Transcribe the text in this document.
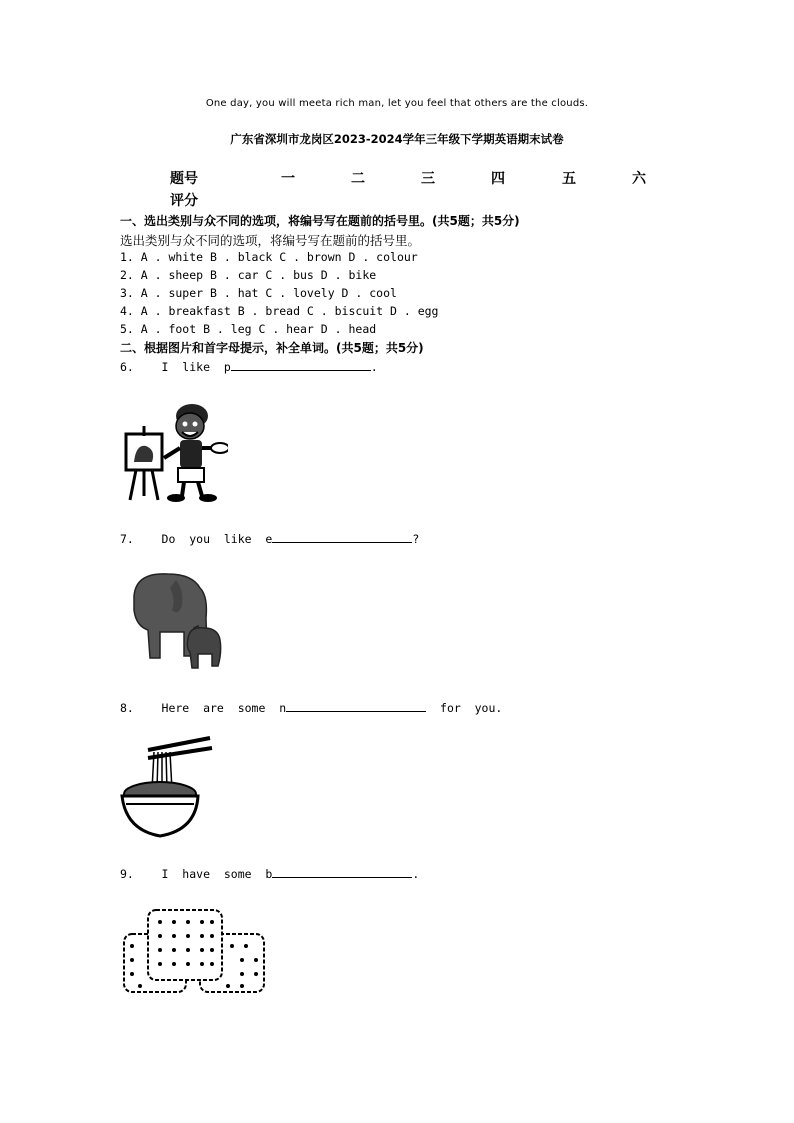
One day, you will meeta rich man, let you feel that others are the clouds.
广东省深圳市龙岗区2023-2024学年三年级下学期英语期末试卷
题号	一	二	三	四	五	六
评分
一、选出类别与众不同的选项，将编号写在题前的括号里。(共5题；共5分)
选出类别与众不同的选项，将编号写在题前的括号里。
1. A . white B . black C . brown D . colour
2. A . sheep B . car C . bus D . bike
3. A . super B . hat C . lovely D . cool
4. A . breakfast B . bread C . biscuit D . egg
5. A . foot B . leg C . hear D . head
二、根据图片和首字母提示，补全单词。(共5题；共5分)
6.    I  like  p	.
7.    Do  you  like  e	?
8.    Here  are  some  n	for  you.
9.    I  have  some  b	.
